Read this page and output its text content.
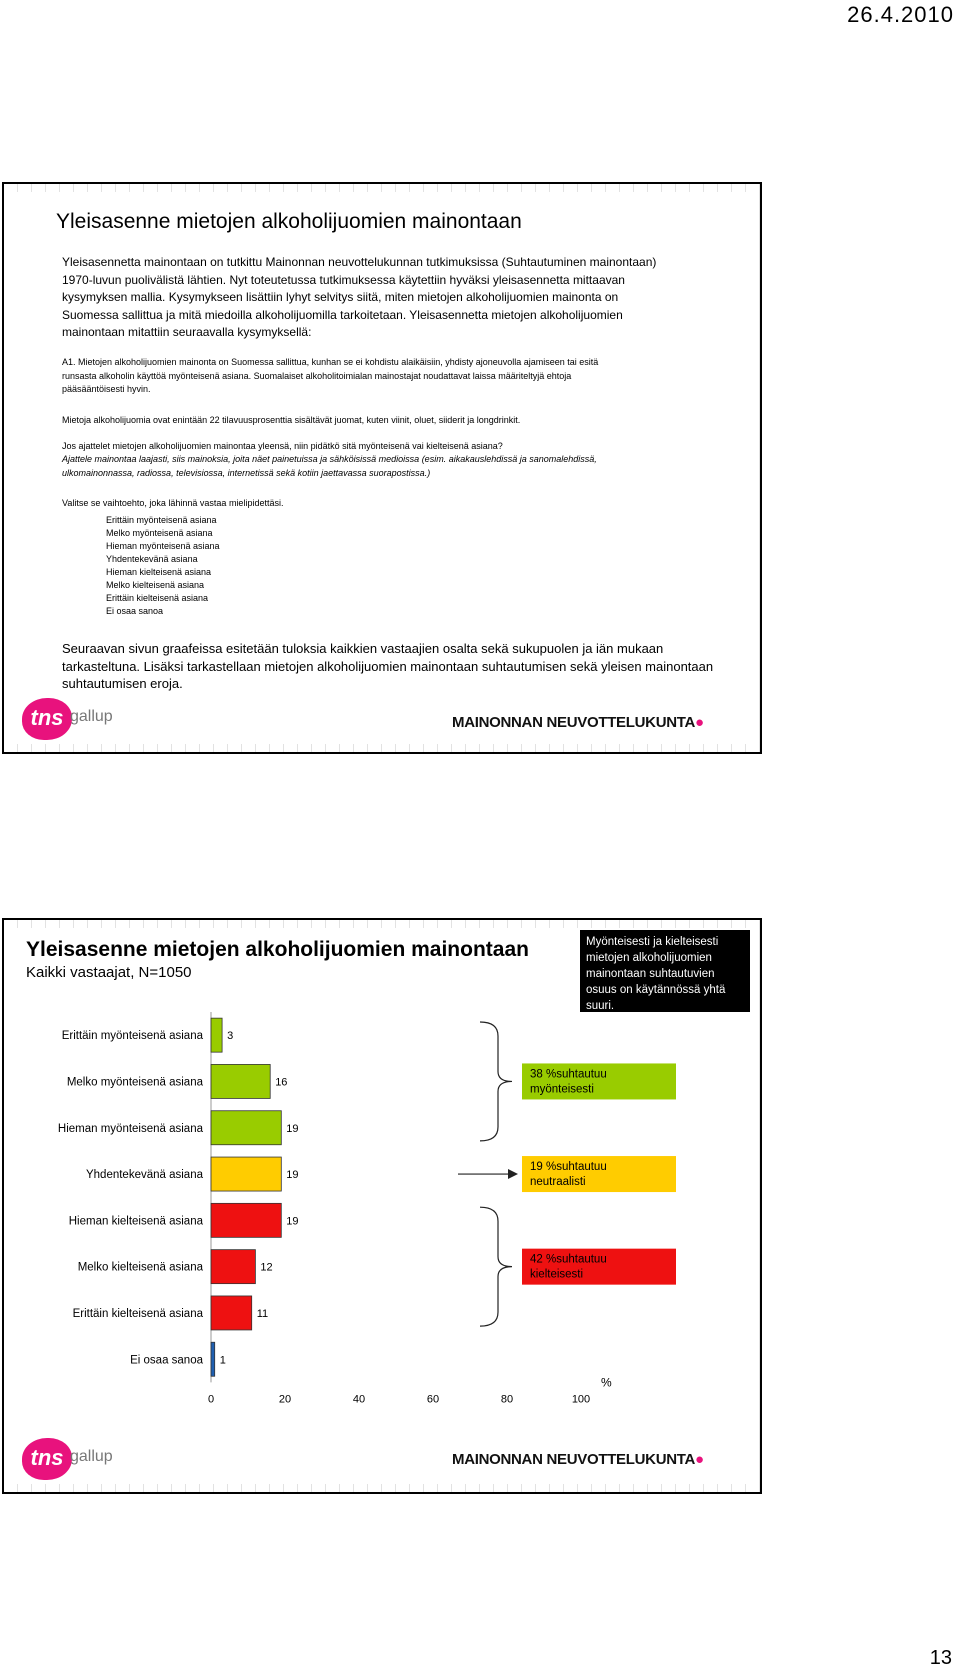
26.4.2010
Yleisasenne mietojen alkoholijuomien mainontaan
Yleisasennetta mainontaan on tutkittu Mainonnan neuvottelukunnan tutkimuksissa (Suhtautuminen mainontaan)
1970-luvun puolivälistä lähtien. Nyt toteutetussa tutkimuksessa käytettiin hyväksi yleisasennetta mittaavan
kysymyksen mallia. Kysymykseen lisättiin lyhyt selvitys siitä, miten mietojen alkoholijuomien mainonta on
Suomessa sallittua ja mitä miedoilla alkoholijuomilla tarkoitetaan. Yleisasennetta mietojen alkoholijuomien
mainontaan mitattiin seuraavalla kysymyksellä:
A1. Mietojen alkoholijuomien mainonta on Suomessa sallittua, kunhan se ei kohdistu alaikäisiin, yhdisty ajoneuvolla ajamiseen tai esitä
runsasta alkoholin käyttöä myönteisenä asiana. Suomalaiset alkoholitoimialan mainostajat noudattavat laissa määriteltyjä ehtoja
pääsääntöisesti hyvin.
Mietoja alkoholijuomia ovat enintään 22 tilavuusprosenttia sisältävät juomat, kuten viinit, oluet, siiderit ja longdrinkit.
Jos ajattelet mietojen alkoholijuomien mainontaa yleensä, niin pidätkö sitä myönteisenä vai kielteisenä asiana?
Ajattele mainontaa laajasti, siis mainoksia, joita näet painetuissa ja sähköisissä medioissa (esim. aikakauslehdissä ja sanomalehdissä,
ulkomainonnassa, radiossa, televisiossa, internetissä sekä kotiin jaettavassa suorapostissa.)
Valitse se vaihtoehto, joka lähinnä vastaa mielipidettäsi.
Erittäin myönteisenä asiana
Melko myönteisenä asiana
Hieman myönteisenä asiana
Yhdentekevänä asiana
Hieman kielteisenä asiana
Melko kielteisenä asiana
Erittäin kielteisenä asiana
Ei osaa sanoa
Seuraavan sivun graafeissa esitetään tuloksia kaikkien vastaajien osalta sekä sukupuolen ja iän mukaan
tarkasteltuna. Lisäksi tarkastellaan mietojen alkoholijuomien mainontaan suhtautumisen sekä yleisen mainontaan
suhtautumisen eroja.
tns gallup	MAINONNAN NEUVOTTELUKUNTA●
3
Erittäin myönteisenä asiana
16
Melko myönteisenä asiana
19
Hieman myönteisenä asiana
19
Yhdentekevänä asiana
19
Hieman kielteisenä asiana
12
Melko kielteisenä asiana
11
Erittäin kielteisenä asiana
1
Ei osaa sanoa
0	20	40	60	80	100
%
38 %suhtautuu myönteisesti
19 %suhtautuu neutraalisti
42 %suhtautuu kielteisesti
Yleisasenne mietojen alkoholijuomien mainontaan
Kaikki vastaajat, N=1050
Myönteisesti ja kielteisesti mietojen alkoholijuomien mainontaan suhtautuvien osuus on käytännössä yhtä suuri.
tns gallup	MAINONNAN NEUVOTTELUKUNTA●
13
